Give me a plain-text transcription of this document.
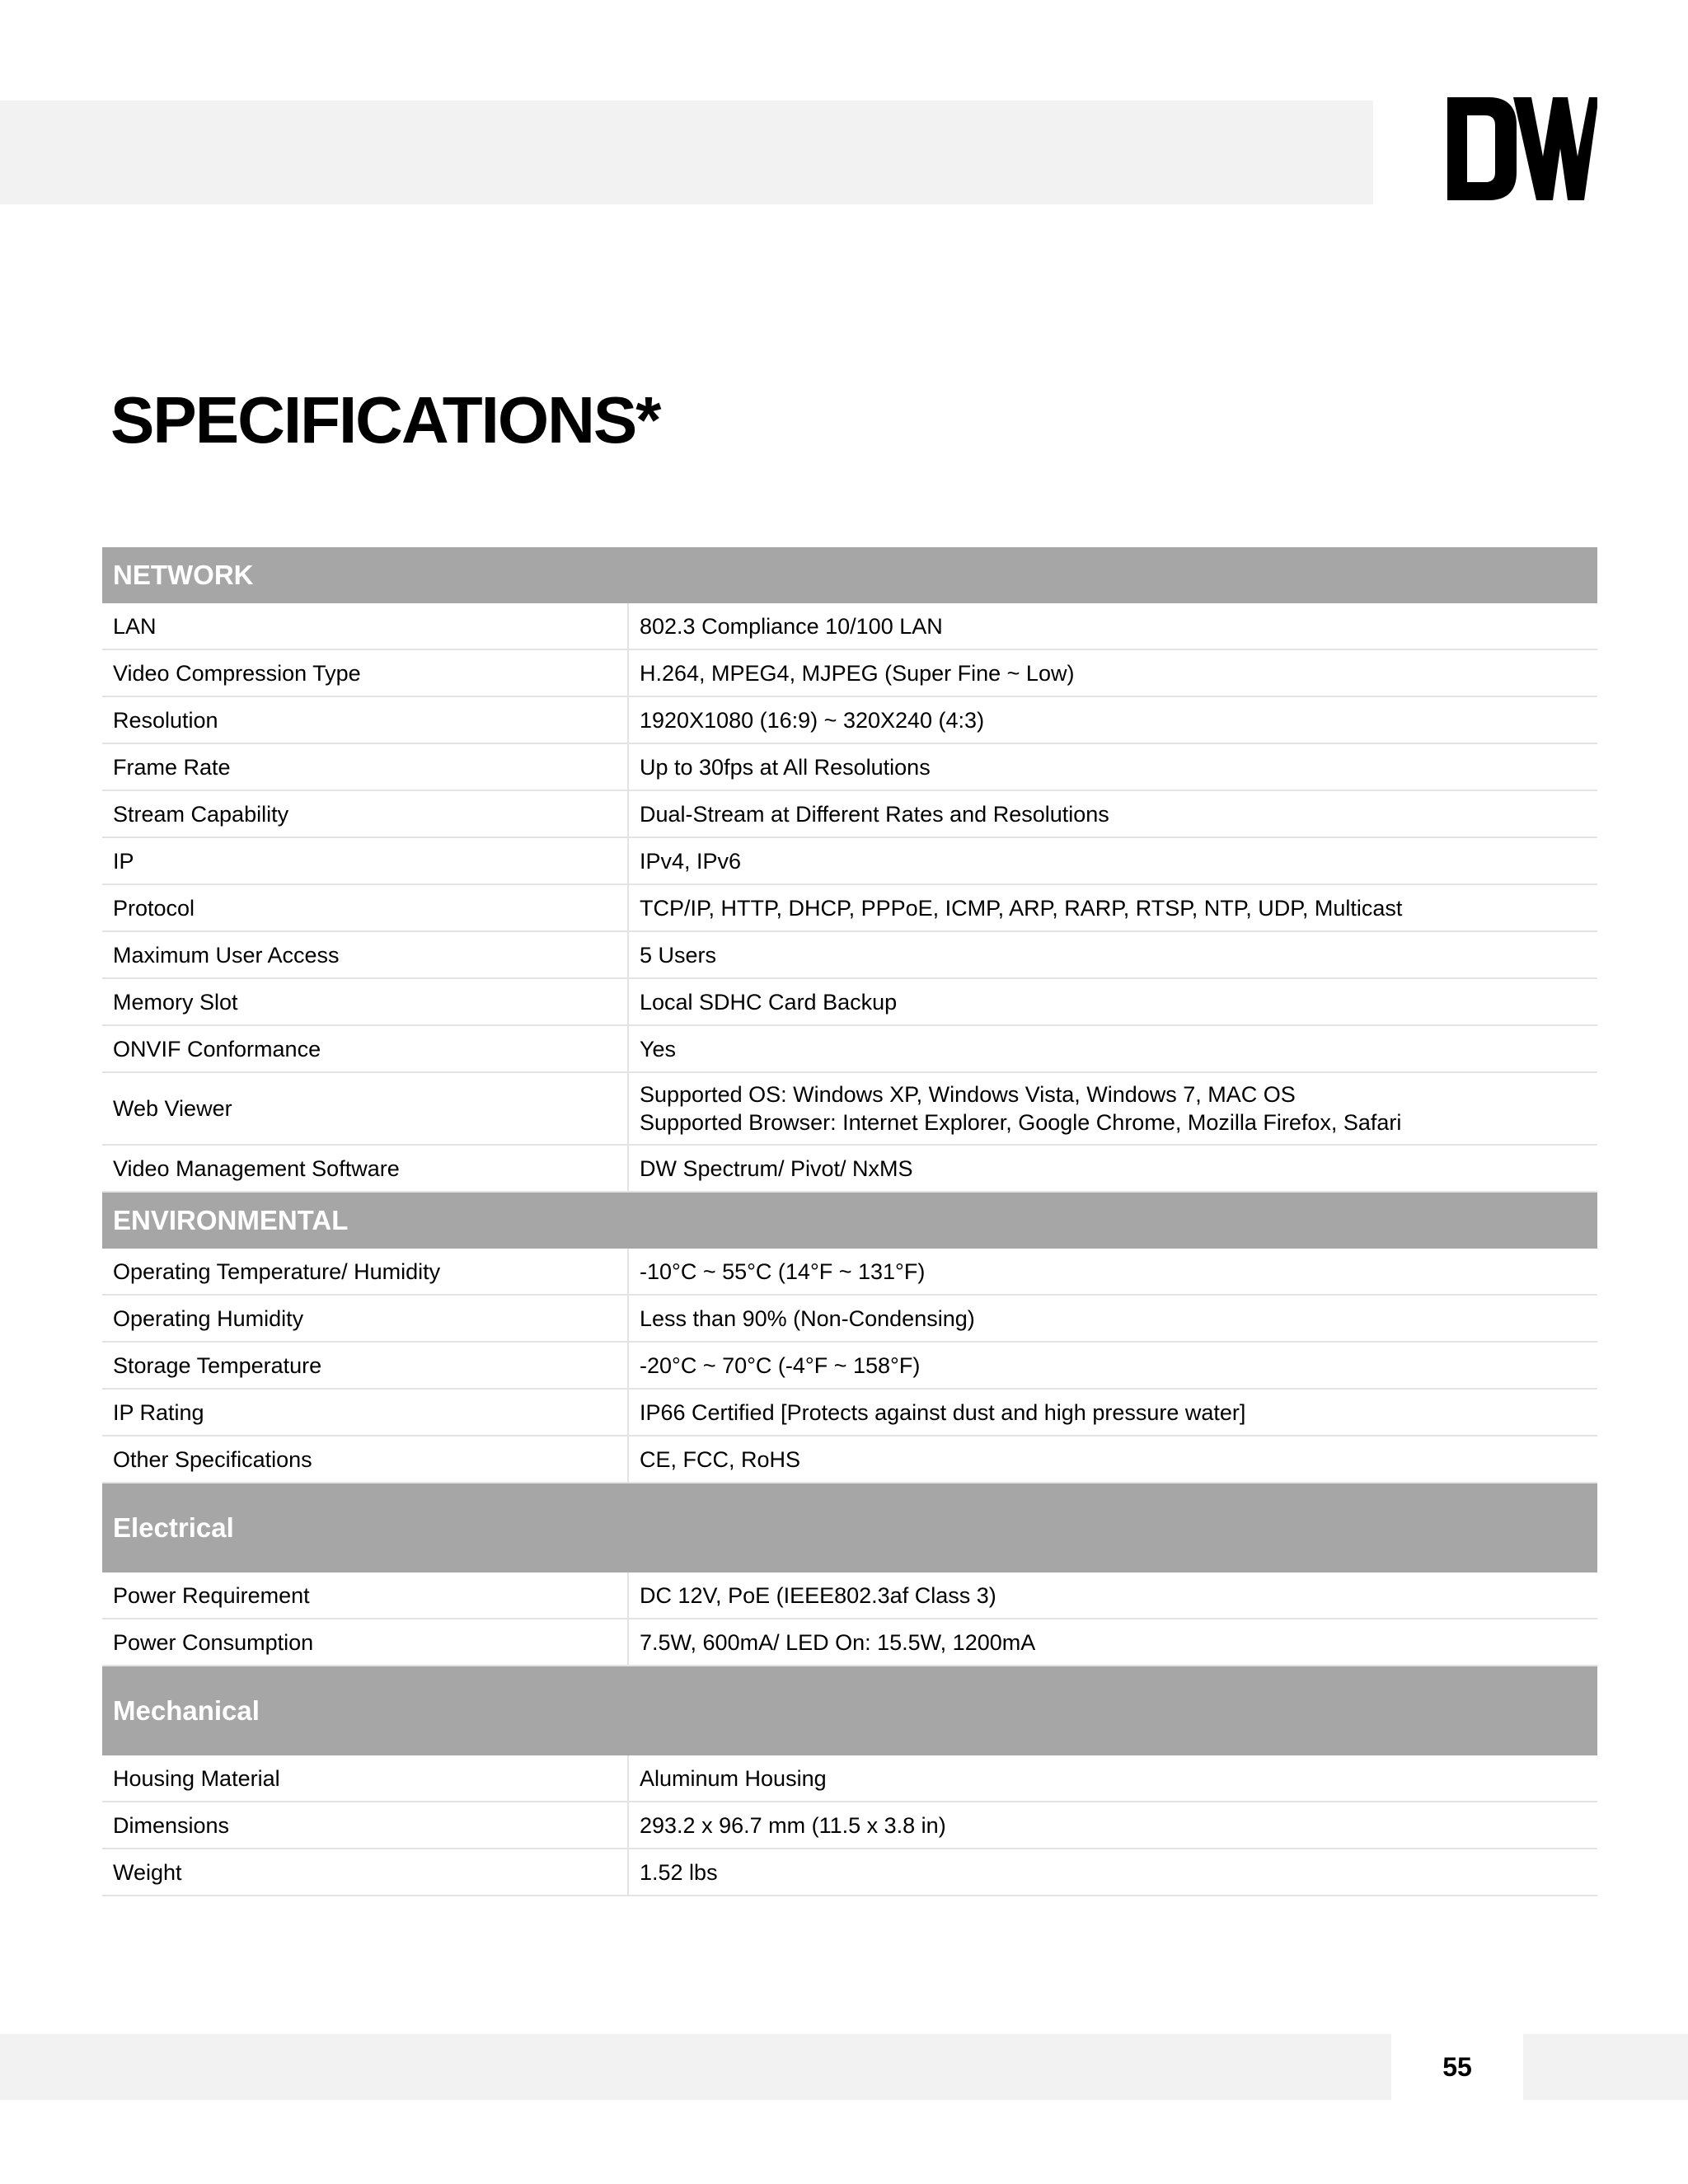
SPECIFICATIONS*
NETWORK	
LAN	802.3 Compliance 10/100 LAN
Video Compression Type	H.264, MPEG4, MJPEG (Super Fine ~ Low)
Resolution	1920X1080 (16:9) ~ 320X240 (4:3)
Frame Rate	Up to 30fps at All Resolutions
Stream Capability	Dual-Stream at Different Rates and Resolutions
IP	IPv4, IPv6
Protocol	TCP/IP, HTTP, DHCP, PPPoE, ICMP, ARP, RARP, RTSP, NTP, UDP, Multicast
Maximum User Access	5 Users
Memory Slot	Local SDHC Card Backup
ONVIF Conformance	Yes
Web Viewer	Supported OS: Windows XP, Windows Vista, Windows 7, MAC OS
Supported Browser: Internet Explorer, Google Chrome, Mozilla Firefox, Safari

Video Management Software	DW Spectrum/ Pivot/ NxMS
ENVIRONMENTAL	
Operating Temperature/ Humidity	-10°C ~ 55°C (14°F ~ 131°F)
Operating Humidity	Less than 90% (Non-Condensing)
Storage Temperature	-20°C ~ 70°C (-4°F ~ 158°F)
IP Rating	IP66 Certified [Protects against dust and high pressure water]
Other Specifications	CE, FCC, RoHS
Electrical	
Power Requirement	DC 12V, PoE (IEEE802.3af Class 3)
Power Consumption	7.5W, 600mA/ LED On: 15.5W, 1200mA
Mechanical	
Housing Material	Aluminum Housing
Dimensions	293.2 x 96.7 mm (11.5 x 3.8 in)
Weight	1.52 lbs
55
